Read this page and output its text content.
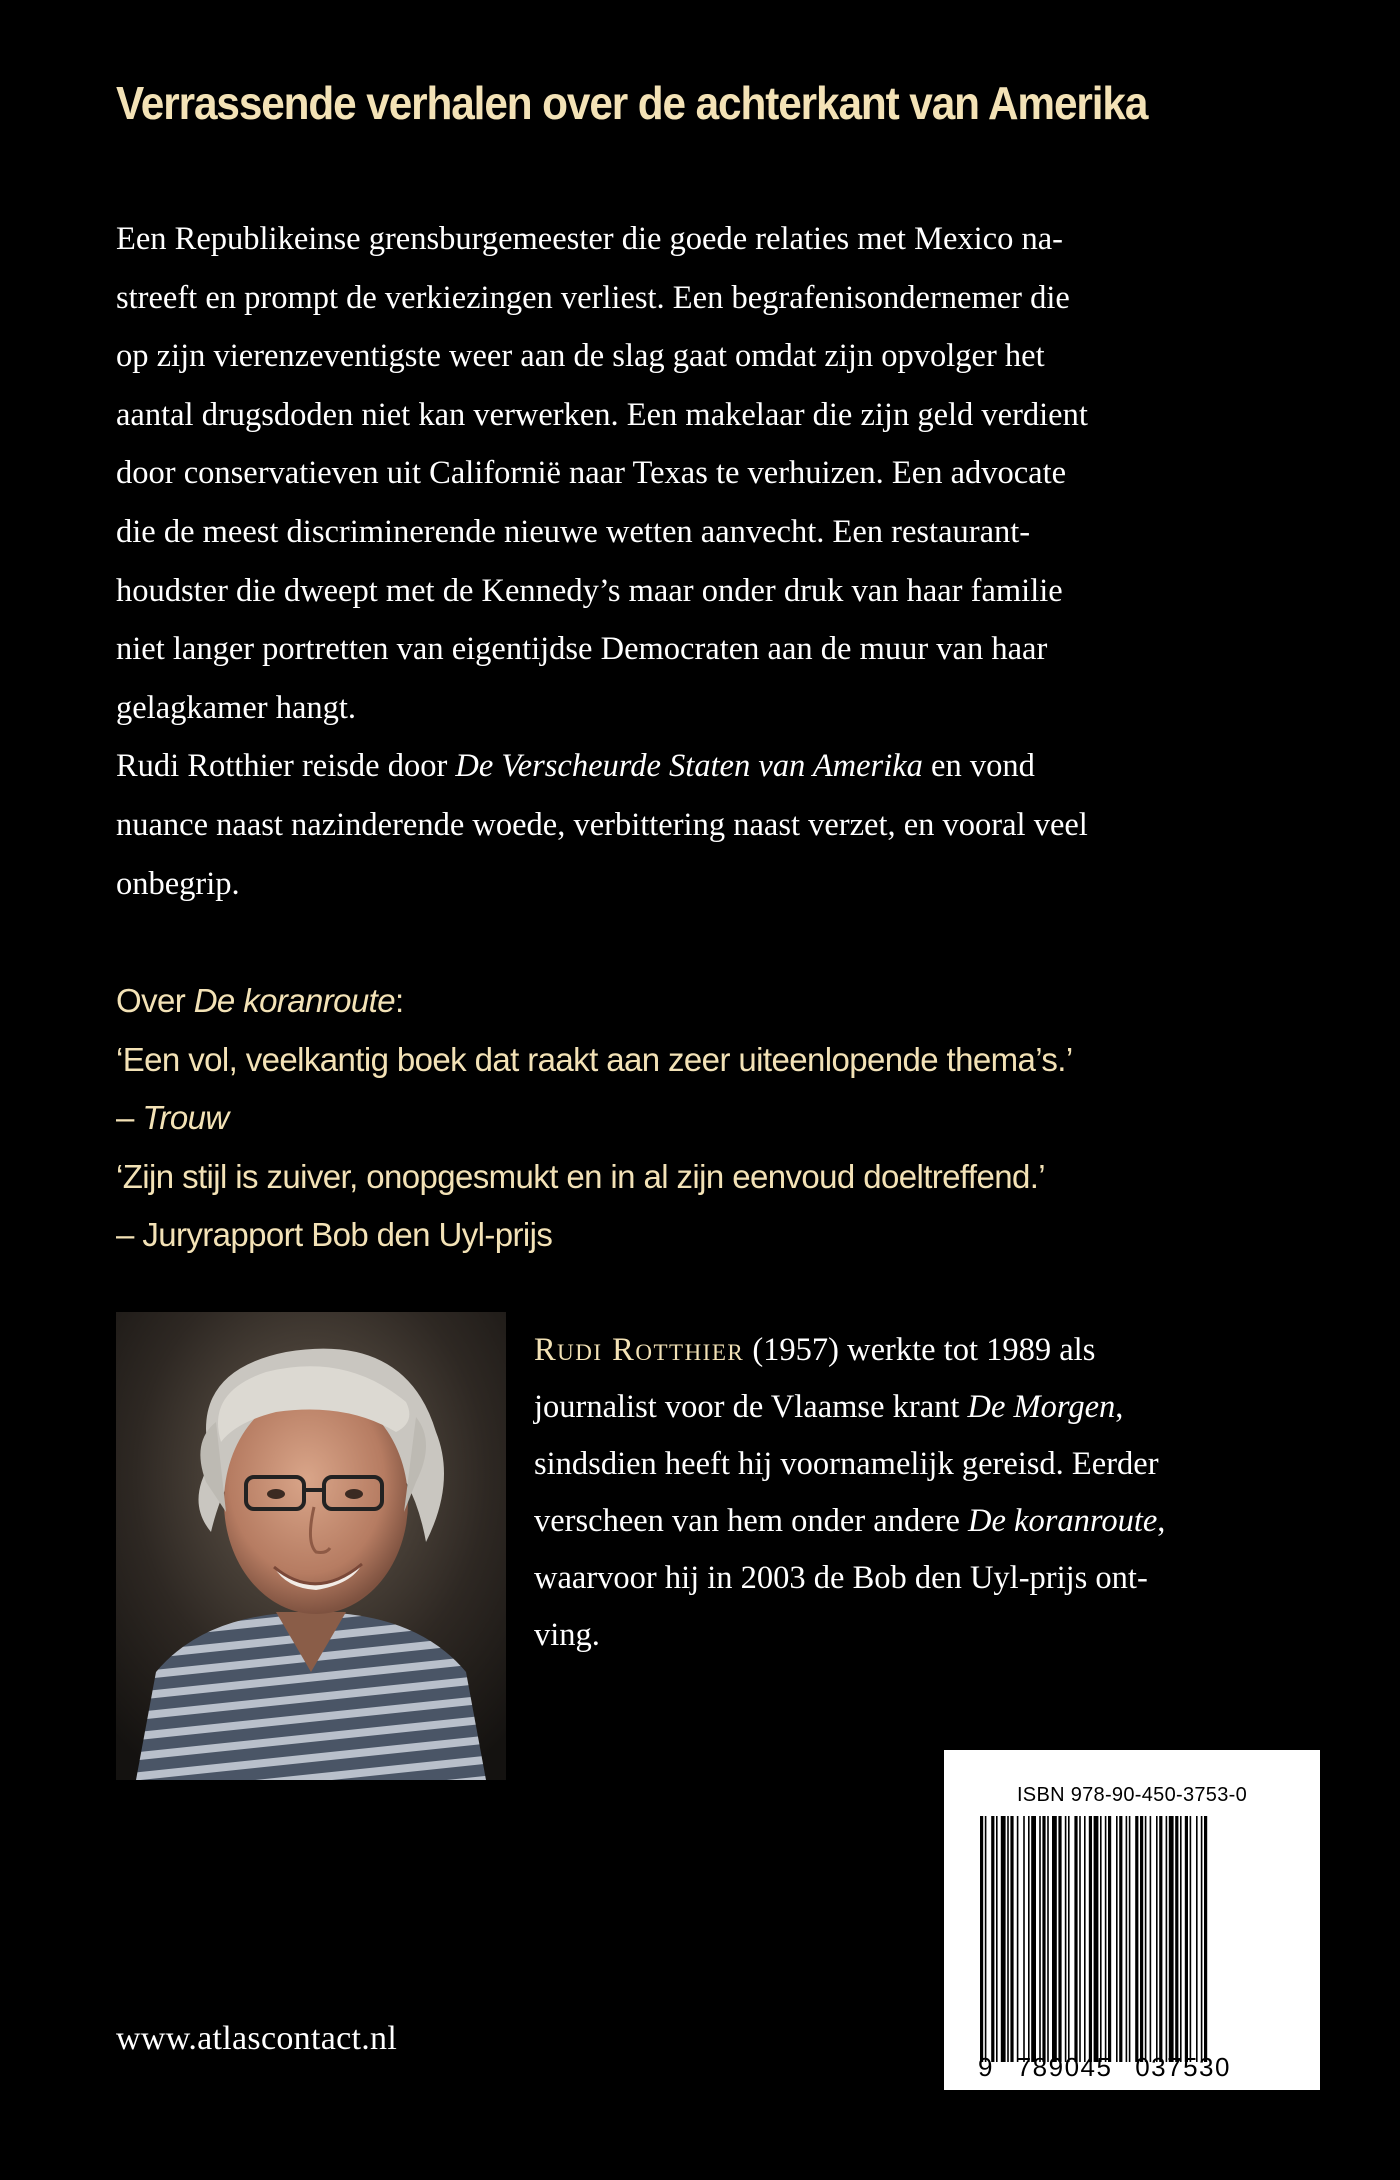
Verrassende verhalen over de achterkant van Amerika
Een Republikeinse grensburgemeester die goede relaties met Mexico na-
streeft en prompt de verkiezingen verliest. Een begrafenisondernemer die
op zijn vierenzeventigste weer aan de slag gaat omdat zijn opvolger het
aantal drugsdoden niet kan verwerken. Een makelaar die zijn geld verdient
door conservatieven uit Californië naar Texas te verhuizen. Een advocate
die de meest discriminerende nieuwe wetten aanvecht. Een restaurant-
houdster die dweept met de Kennedy’s maar onder druk van haar familie
niet langer portretten van eigentijdse Democraten aan de muur van haar
gelagkamer hangt.
Rudi Rotthier reisde door De Verscheurde Staten van Amerika en vond
nuance naast nazinderende woede, verbittering naast verzet, en vooral veel
onbegrip.
Over De koranroute:
‘Een vol, veelkantig boek dat raakt aan zeer uiteenlopende thema’s.’
– Trouw
‘Zijn stijl is zuiver, onopgesmukt en in al zijn eenvoud doeltreffend.’
– Juryrapport Bob den Uyl-prijs
Rudi Rotthier (1957) werkte tot 1989 als
journalist voor de Vlaamse krant De Morgen,
sindsdien heeft hij voornamelijk gereisd. Eerder
verscheen van hem onder andere De koranroute,
waarvoor hij in 2003 de Bob den Uyl-prijs ont-
ving.
ISBN 978-90-450-3753-0
9 789045 037530
www.atlascontact.nl
